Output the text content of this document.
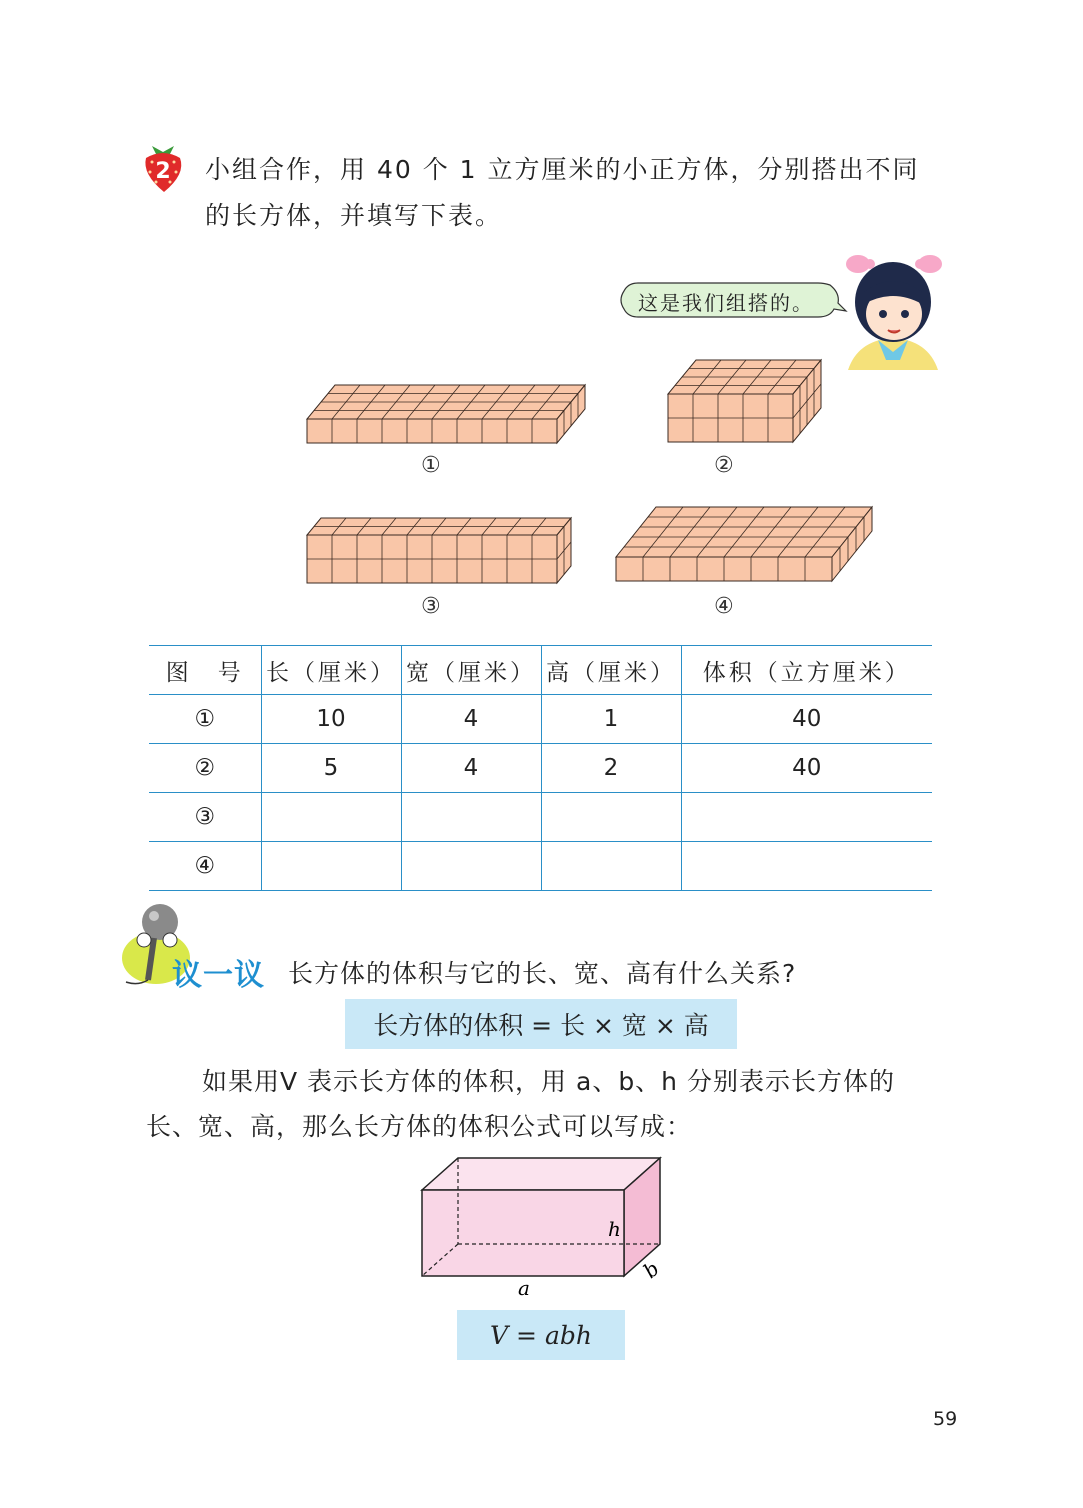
2 小组合作，用 40 个 1 立方厘米的小正方体，分别搭出不同
的长方体，并填写下表。
这是我们组搭的。
①	②
③	④
图　号	长（厘米）	宽（厘米）	高（厘米）	体积（立方厘米）
①	10	4	1	40
②	5	4	2	40
③				
④				
议一议 长方体的体积与它的长、宽、高有什么关系?
长方体的体积 = 长 × 宽 × 高
如果用V 表示长方体的体积，用 a、b、h 分别表示长方体的
长、宽、高，那么长方体的体积公式可以写成：
h
a
b
V = abh
59
